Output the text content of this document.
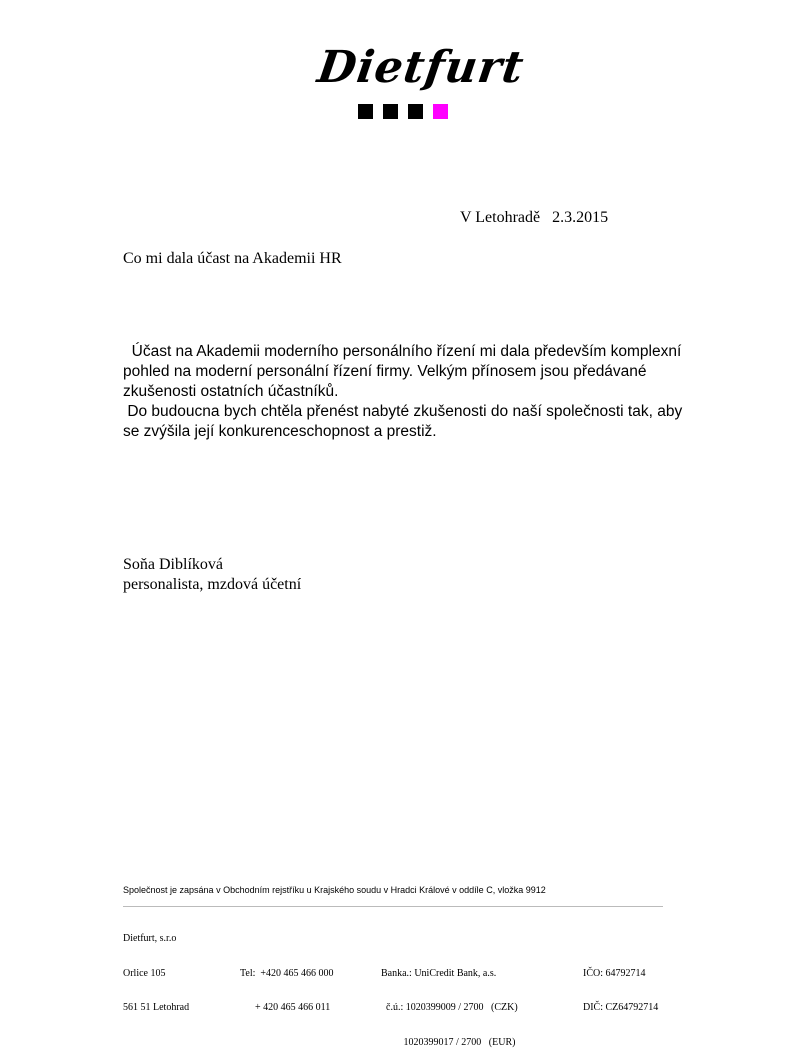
Dietfurt
V Letohradě   2.3.2015
Co mi dala účast na Akademii HR

Účast na Akademii moderního personálního řízení mi dala především komplexní pohled na moderní personální řízení firmy. Velkým přínosem jsou předávané zkušenosti ostatních účastníků.

Do budoucna bych chtěla přenést nabyté zkušenosti do naší společnosti tak, aby se zvýšila její konkurenceschopnost a prestiž.

Soňa Diblíková
personalista, mzdová účetní
Společnost je zapsána v Obchodním rejstříku u Krajského soudu v Hradci Králové v oddíle C, vložka 9912

Dietfurt, s.r.o

Orlice 105

561 51 Letohrad

Tel:  +420 465 466 000

+ 420 465 466 011

Banka.: UniCredit Bank, a.s.

č.ú.: 1020399009 / 2700   (CZK)

1020399017 / 2700   (EUR)

IČO: 64792714

DIČ: CZ64792714
